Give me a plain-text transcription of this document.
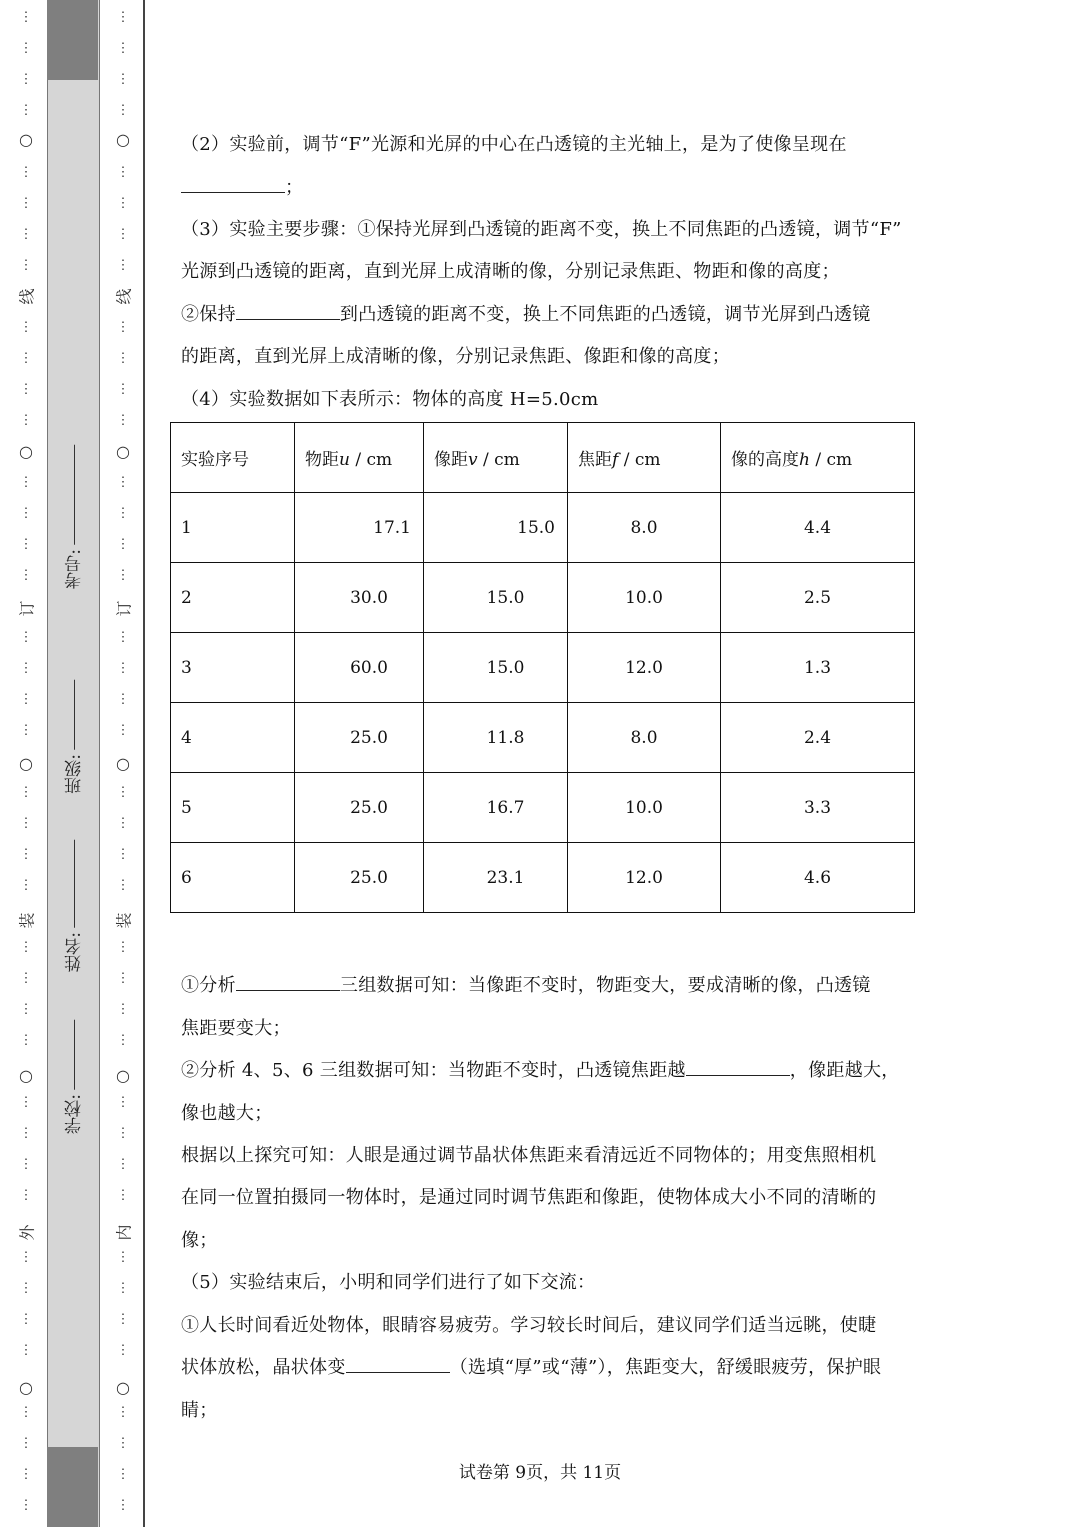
⋮
⋮
⋮
⋮
⋮
⋮
⋮
⋮
⋮
⋮
⋮
⋮
⋮
⋮
⋮
⋮
⋮
⋮
⋮
⋮
⋮
⋮
⋮
⋮
⋮
⋮
⋮
⋮
⋮
⋮
⋮
⋮
⋮
⋮
⋮
⋮
⋮
⋮
⋮
⋮
○
线
○
订
○
装
○
外
○
⋮
⋮
⋮
⋮
⋮
⋮
⋮
⋮
⋮
⋮
⋮
⋮
⋮
⋮
⋮
⋮
⋮
⋮
⋮
⋮
⋮
⋮
⋮
⋮
⋮
⋮
⋮
⋮
⋮
⋮
⋮
⋮
⋮
⋮
⋮
⋮
⋮
⋮
⋮
⋮
○
线
○
订
○
装
○
内
○
学校:
姓名:
班级:
考号:
（2）实验前，调节“F”光源和光屏的中心在凸透镜的主光轴上，是为了使像呈现在
；
（3）实验主要步骤：①保持光屏到凸透镜的距离不变，换上不同焦距的凸透镜，调节“F”
光源到凸透镜的距离，直到光屏上成清晰的像，分别记录焦距、物距和像的高度；
②保持	到凸透镜的距离不变，换上不同焦距的凸透镜，调节光屏到凸透镜
的距离，直到光屏上成清晰的像，分别记录焦距、像距和像的高度；
（4）实验数据如下表所示：物体的高度 H=5.0cm
实验序号	物距u / cm	像距v / cm	焦距f / cm	像的高度h / cm
1	17.1	15.0	8.0	4.4
2	30.0	15.0	10.0	2.5
3	60.0	15.0	12.0	1.3
4	25.0	11.8	8.0	2.4
5	25.0	16.7	10.0	3.3
6	25.0	23.1	12.0	4.6
①分析	三组数据可知：当像距不变时，物距变大，要成清晰的像，凸透镜
焦距要变大；
②分析 4、5、6 三组数据可知：当物距不变时，凸透镜焦距越	，像距越大，
像也越大；
根据以上探究可知：人眼是通过调节晶状体焦距来看清远近不同物体的；用变焦照相机
在同一位置拍摄同一物体时，是通过同时调节焦距和像距，使物体成大小不同的清晰的
像；
（5）实验结束后，小明和同学们进行了如下交流：
①人长时间看近处物体，眼睛容易疲劳。学习较长时间后，建议同学们适当远眺，使睫
状体放松，晶状体变	（选填“厚”或“薄”），焦距变大，舒缓眼疲劳，保护眼
睛；
试卷第 9页，共 11页
